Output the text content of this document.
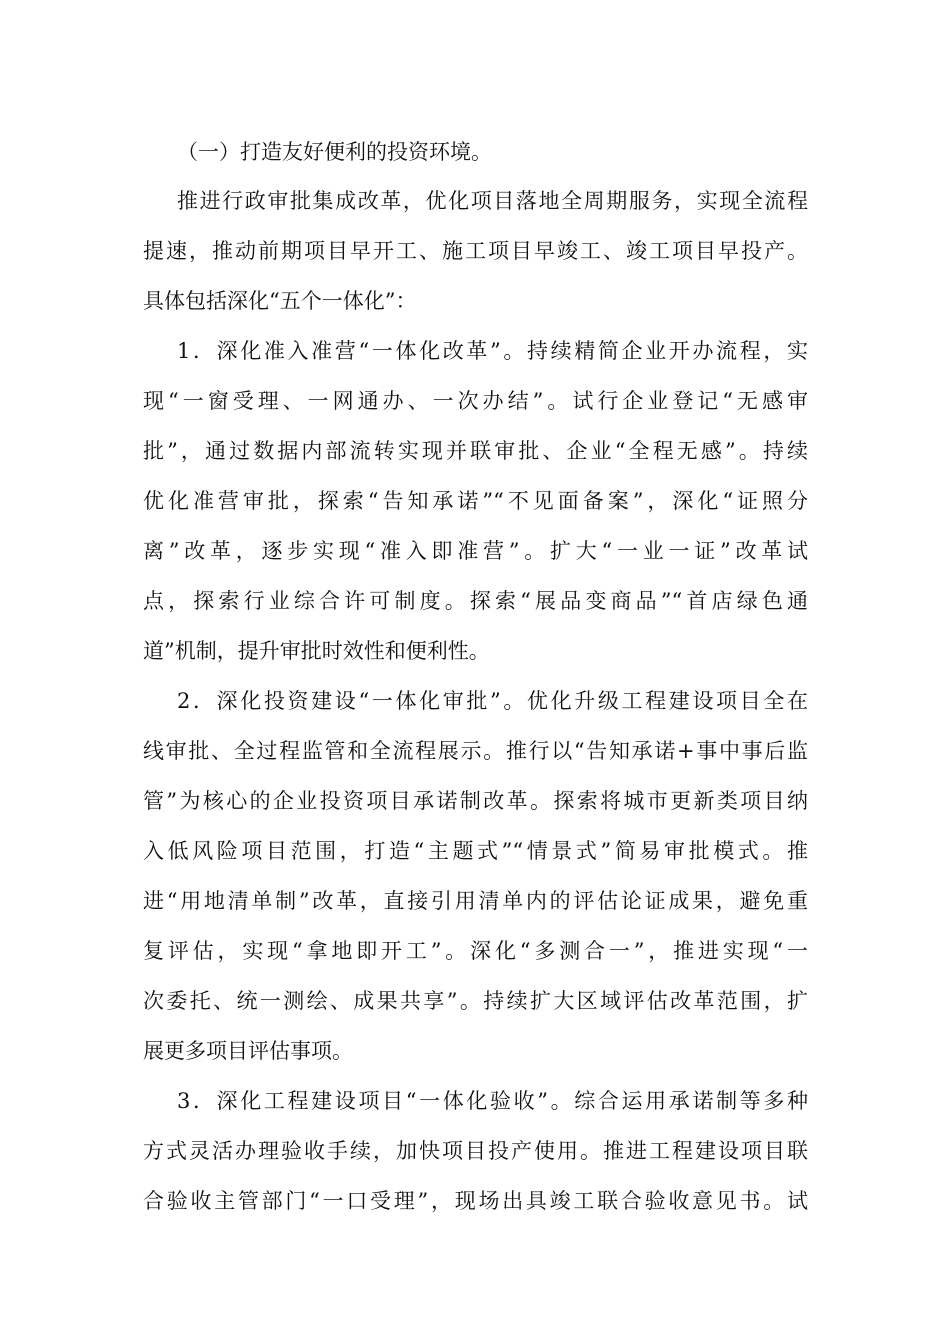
（一）打造友好便利的投资环境。
推进行政审批集成改革，优化项目落地全周期服务，实现全流程
提速，推动前期项目早开工、施工项目早竣工、竣工项目早投产。
具体包括深化“五个一体化”：
1．深化准入准营“一体化改革”。持续精简企业开办流程，实
现“一窗受理、一网通办、一次办结”。试行企业登记“无感审
批”，通过数据内部流转实现并联审批、企业“全程无感”。持续
优化准营审批，探索“告知承诺”“不见面备案”，深化“证照分
离”改革，逐步实现“准入即准营”。扩大“一业一证”改革试
点，探索行业综合许可制度。探索“展品变商品”“首店绿色通
道”机制，提升审批时效性和便利性。
2．深化投资建设“一体化审批”。优化升级工程建设项目全在
线审批、全过程监管和全流程展示。推行以“告知承诺+事中事后监
管”为核心的企业投资项目承诺制改革。探索将城市更新类项目纳
入低风险项目范围，打造“主题式”“情景式”简易审批模式。推
进“用地清单制”改革，直接引用清单内的评估论证成果，避免重
复评估，实现“拿地即开工”。深化“多测合一”，推进实现“一
次委托、统一测绘、成果共享”。持续扩大区域评估改革范围，扩
展更多项目评估事项。
3．深化工程建设项目“一体化验收”。综合运用承诺制等多种
方式灵活办理验收手续，加快项目投产使用。推进工程建设项目联
合验收主管部门“一口受理”，现场出具竣工联合验收意见书。试
